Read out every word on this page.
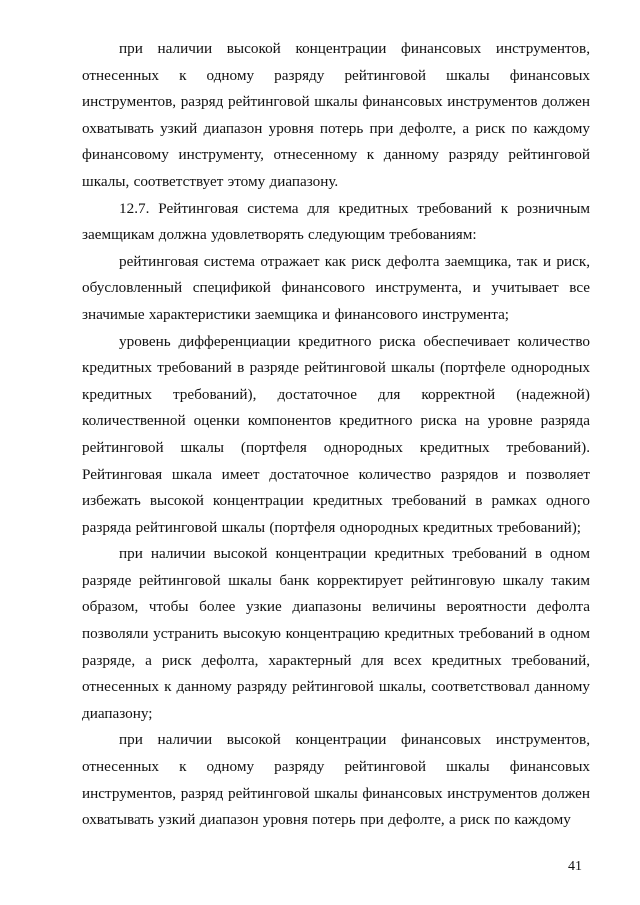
при наличии высокой концентрации финансовых инструментов, отнесенных к одному разряду рейтинговой шкалы финансовых инструментов, разряд рейтинговой шкалы финансовых инструментов должен охватывать узкий диапазон уровня потерь при дефолте, а риск по каждому финансовому инструменту, отнесенному к данному разряду рейтинговой шкалы, соответствует этому диапазону.

12.7. Рейтинговая система для кредитных требований к розничным заемщикам должна удовлетворять следующим требованиям:

рейтинговая система отражает как риск дефолта заемщика, так и риск, обусловленный спецификой финансового инструмента, и учитывает все значимые характеристики заемщика и финансового инструмента;

уровень дифференциации кредитного риска обеспечивает количество кредитных требований в разряде рейтинговой шкалы (портфеле однородных кредитных требований), достаточное для корректной (надежной) количественной оценки компонентов кредитного риска на уровне разряда рейтинговой шкалы (портфеля однородных кредитных требований). Рейтинговая шкала имеет достаточное количество разрядов и позволяет избежать высокой концентрации кредитных требований в рамках одного разряда рейтинговой шкалы (портфеля однородных кредитных требований);

при наличии высокой концентрации кредитных требований в одном разряде рейтинговой шкалы банк корректирует рейтинговую шкалу таким образом, чтобы более узкие диапазоны величины вероятности дефолта позволяли устранить высокую концентрацию кредитных требований в одном разряде, а риск дефолта, характерный для всех кредитных требований, отнесенных к данному разряду рейтинговой шкалы, соответствовал данному диапазону;

при наличии высокой концентрации финансовых инструментов, отнесенных к одному разряду рейтинговой шкалы финансовых инструментов, разряд рейтинговой шкалы финансовых инструментов должен охватывать узкий диапазон уровня потерь при дефолте, а риск по каждому

41
